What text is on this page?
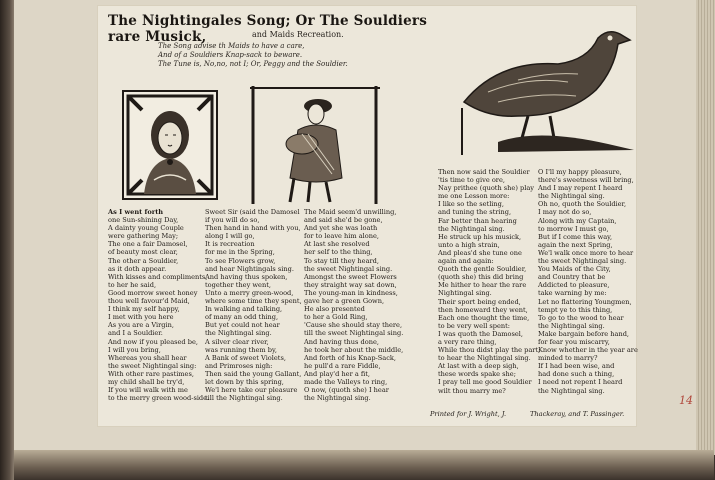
The Nightingales Song; Or The Souldiers rare Musick,	and Maids Recreation.
The Song advise th Maids to have a care,
And of a Souldiers Knap-sack to beware.
The Tune is, No,no, not I; Or, Peggy and the Souldier.
As I went forth
one Sun-shining Day,
A dainty young Couple
were gathering May;
The one a fair Damosel,
of beauty most clear,
The other a Souldier,
as it doth appear.
With kisses and compliments,
to her he said,
Good morrow sweet honey
thou well favour'd Maid,
I think my self happy,
I met with you here
As you are a Virgin,
and I a Souldier.
And now if you pleased be,
I will you bring,
Whereas you shall hear
the sweet Nightingal sing:
With other rare pastimes,
my child shall be try'd,
If you will walk with me
to the merry green wood-side.
Sweet Sir (said the Damosel
if you will do so,
Then hand in hand with you,
along I will go,
It is recreation
for me in the Spring,
To see Flowers grow,
and hear Nightingals sing.
And having thus spoken,
together they went,
Unto a merry green-wood,
where some time they spent,
In walking and talking,
of many an odd thing,
But yet could not hear
the Nightingal sing.
A silver clear river,
was running them by,
A Bank of sweet Violets,
and Primroses nigh:
Then said the young Gallant,
let down by this spring,
We'l here take our pleasure
till the Nightingal sing.
The Maid seem'd unwilling,
and said she'd be gone,
And yet she was loath
for to leave him alone,
At last she resolved
her self to the thing,
To stay till they heard,
the sweet Nightingal sing.
Amongst the sweet Flowers
they straight way sat down,
The young-man in kindness,
gave her a green Gown,
He also presented
to her a Gold Ring,
'Cause she should stay there,
till the sweet Nightingal sing.
And having thus done,
he took her about the middle,
And forth of his Knap-Sack,
he pull'd a rare Fiddle,
And play'd her a fit,
made the Valleys to ring,
O now, (quoth she) I hear
the Nightingal sing.
Then now said the Souldier
'tis time to give ore,
Nay prithee (quoth she) play
me one Lesson more:
I like so the setling,
and tuning the string,
Far better than hearing
the Nightingal sing.
He struck up his musick,
unto a high strain,
And pleas'd she tune one
again and again:
Quoth the gentle Souldier,
(quoth she) this did bring
Me hither to hear the rare
Nightingal sing.
Their sport being ended,
then homeward they went,
Each one thought the time,
to be very well spent:
I was quoth the Damosel,
a very rare thing,
While thou didst play the part,
to hear the Nightingal sing.
At last with a deep sigh,
these words spake she;
I pray tell me good Souldier
wilt thou marry me?
O I'll my happy pleasure,
there's sweetness will bring,
And I may repent I heard
the Nightingal sing.
Oh no, quoth the Souldier,
I may not do so,
Along with my Captain,
to morrow I must go,
But if I come this way,
again the next Spring,
We'l walk once more to hear
the sweet Nightingal sing.
You Maids of the City,
and Country that be
Addicted to pleasure,
take warning by me:
Let no flattering Youngmen,
tempt ye to this thing,
To go to the wood to hear
the Nightingal sing.
Make bargain before hand,
for fear you miscarry,
Know whether in the year are
minded to marry?
If I had been wise, and
had done such a thing,
I need not repent I heard
the Nightingal sing.
Printed for J. Wright, J.	Thackeray, and T. Passinger.
14
